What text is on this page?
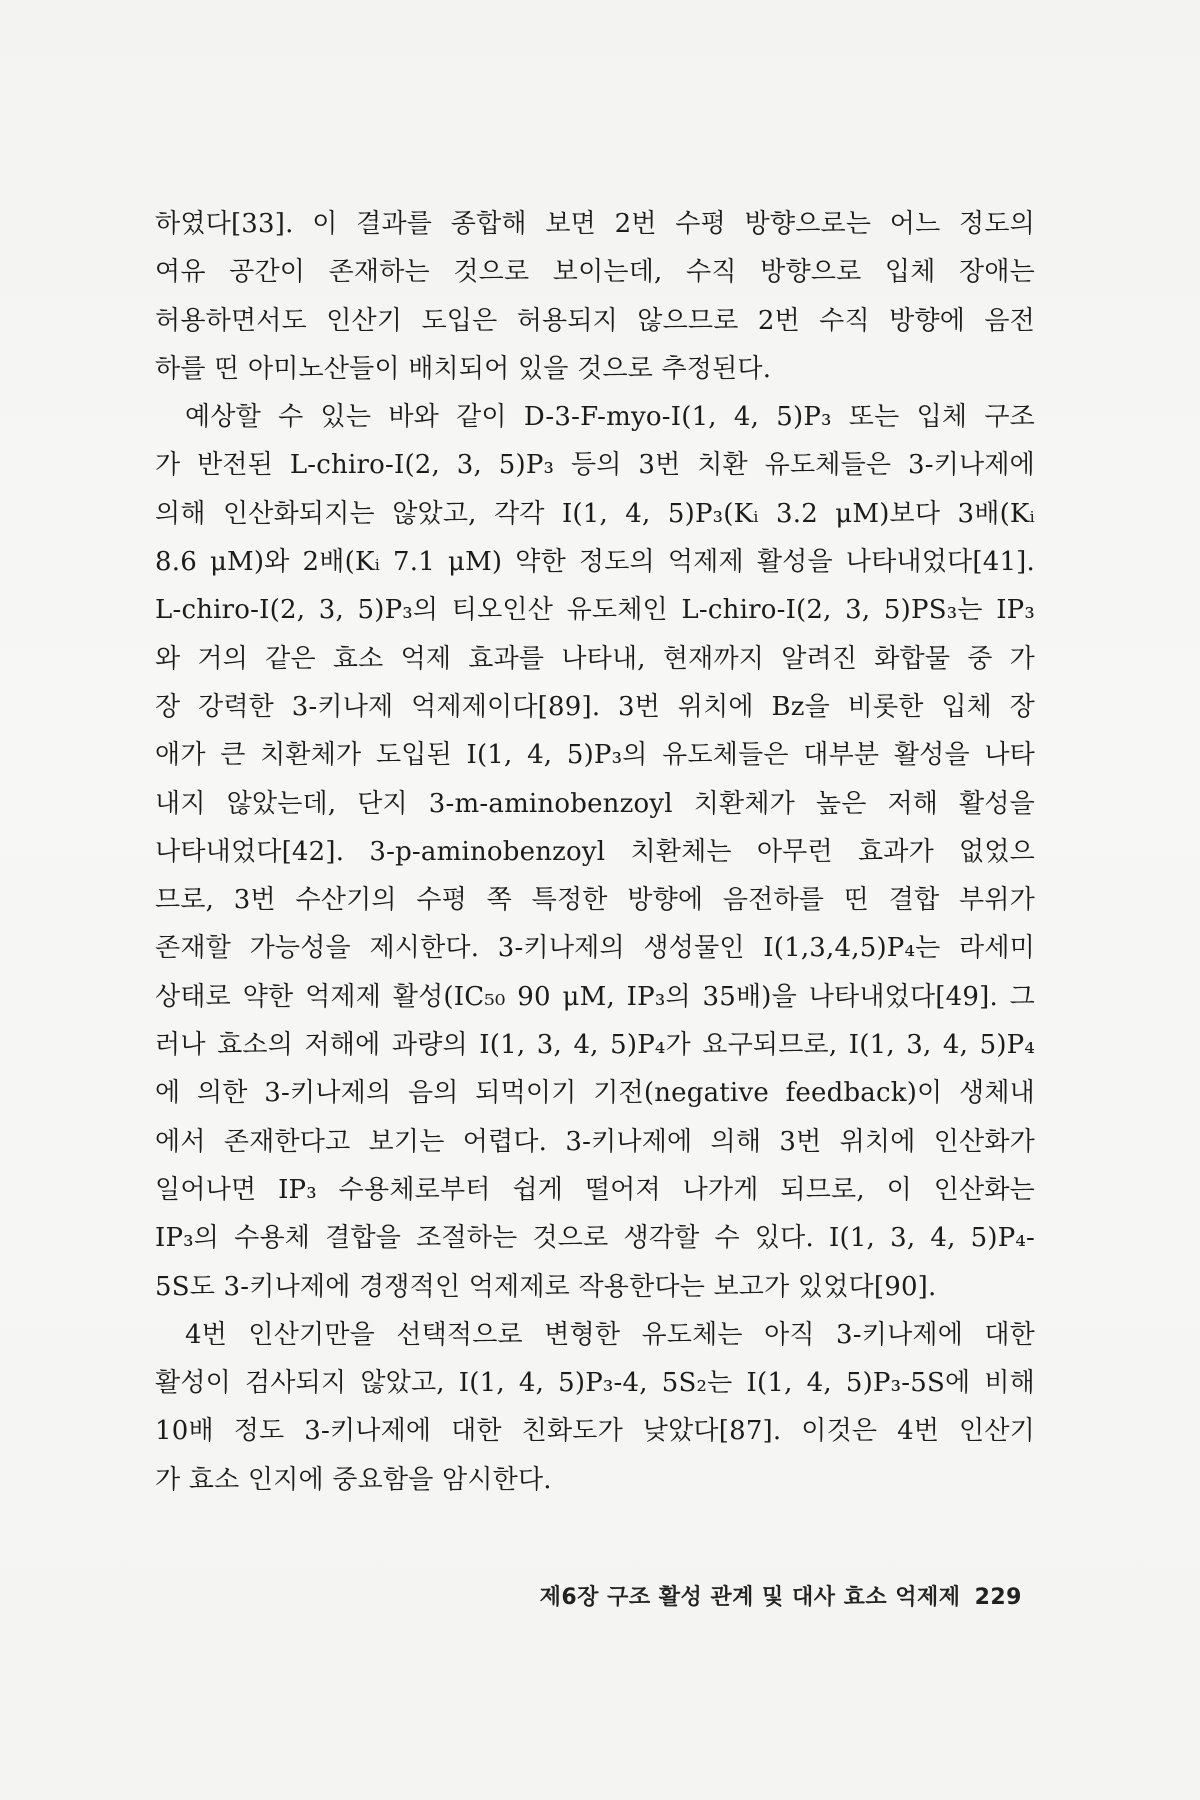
하였다[33]. 이 결과를 종합해 보면 2번 수평 방향으로는 어느 정도의
여유 공간이 존재하는 것으로 보이는데, 수직 방향으로 입체 장애는
허용하면서도 인산기 도입은 허용되지 않으므로 2번 수직 방향에 음전
하를 띤 아미노산들이 배치되어 있을 것으로 추정된다.

예상할 수 있는 바와 같이 D-3-F-myo-I(1, 4, 5)P₃ 또는 입체 구조
가 반전된 L-chiro-I(2, 3, 5)P₃ 등의 3번 치환 유도체들은 3-키나제에
의해 인산화되지는 않았고, 각각 I(1, 4, 5)P₃(Kᵢ 3.2 μM)보다 3배(Kᵢ
8.6 μM)와 2배(Kᵢ 7.1 μM) 약한 정도의 억제제 활성을 나타내었다[41].
L-chiro-I(2, 3, 5)P₃의 티오인산 유도체인 L-chiro-I(2, 3, 5)PS₃는 IP₃
와 거의 같은 효소 억제 효과를 나타내, 현재까지 알려진 화합물 중 가
장 강력한 3-키나제 억제제이다[89]. 3번 위치에 Bz을 비롯한 입체 장
애가 큰 치환체가 도입된 I(1, 4, 5)P₃의 유도체들은 대부분 활성을 나타
내지 않았는데, 단지 3-m-aminobenzoyl 치환체가 높은 저해 활성을
나타내었다[42]. 3-p-aminobenzoyl 치환체는 아무런 효과가 없었으
므로, 3번 수산기의 수평 쪽 특정한 방향에 음전하를 띤 결합 부위가
존재할 가능성을 제시한다. 3-키나제의 생성물인 I(1,3,4,5)P₄는 라세미
상태로 약한 억제제 활성(IC₅₀ 90 μM, IP₃의 35배)을 나타내었다[49]. 그
러나 효소의 저해에 과량의 I(1, 3, 4, 5)P₄가 요구되므로, I(1, 3, 4, 5)P₄
에 의한 3-키나제의 음의 되먹이기 기전(negative feedback)이 생체내
에서 존재한다고 보기는 어렵다. 3-키나제에 의해 3번 위치에 인산화가
일어나면 IP₃ 수용체로부터 쉽게 떨어져 나가게 되므로, 이 인산화는
IP₃의 수용체 결합을 조절하는 것으로 생각할 수 있다. I(1, 3, 4, 5)P₄-
5S도 3-키나제에 경쟁적인 억제제로 작용한다는 보고가 있었다[90].

4번 인산기만을 선택적으로 변형한 유도체는 아직 3-키나제에 대한
활성이 검사되지 않았고, I(1, 4, 5)P₃-4, 5S₂는 I(1, 4, 5)P₃-5S에 비해
10배 정도 3-키나제에 대한 친화도가 낮았다[87]. 이것은 4번 인산기
가 효소 인지에 중요함을 암시한다.

제6장 구조 활성 관계 및 대사 효소 억제제 229
